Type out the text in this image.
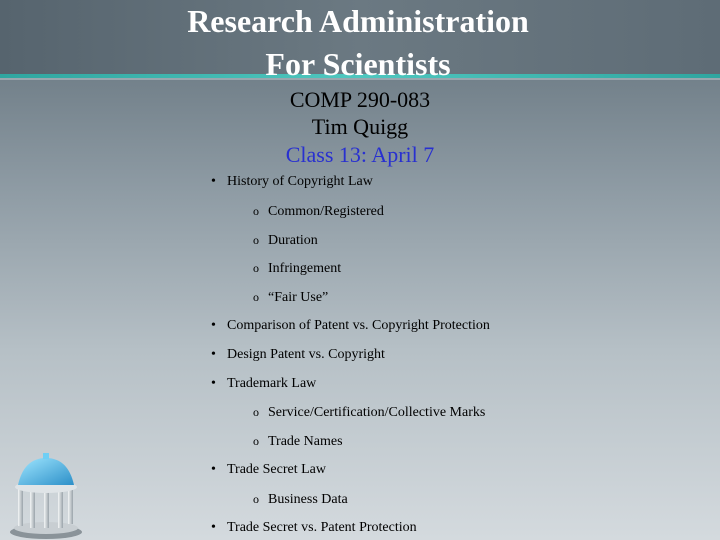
Research Administration
For Scientists
COMP 290-083
Tim Quigg
Class 13: April 7
• History of Copyright Law
o Common/Registered
o Duration
o Infringement
o “Fair Use”
• Comparison of Patent vs. Copyright Protection
• Design Patent vs. Copyright
• Trademark Law
o Service/Certification/Collective Marks
o Trade Names
• Trade Secret Law
o Business Data
• Trade Secret vs. Patent Protection
